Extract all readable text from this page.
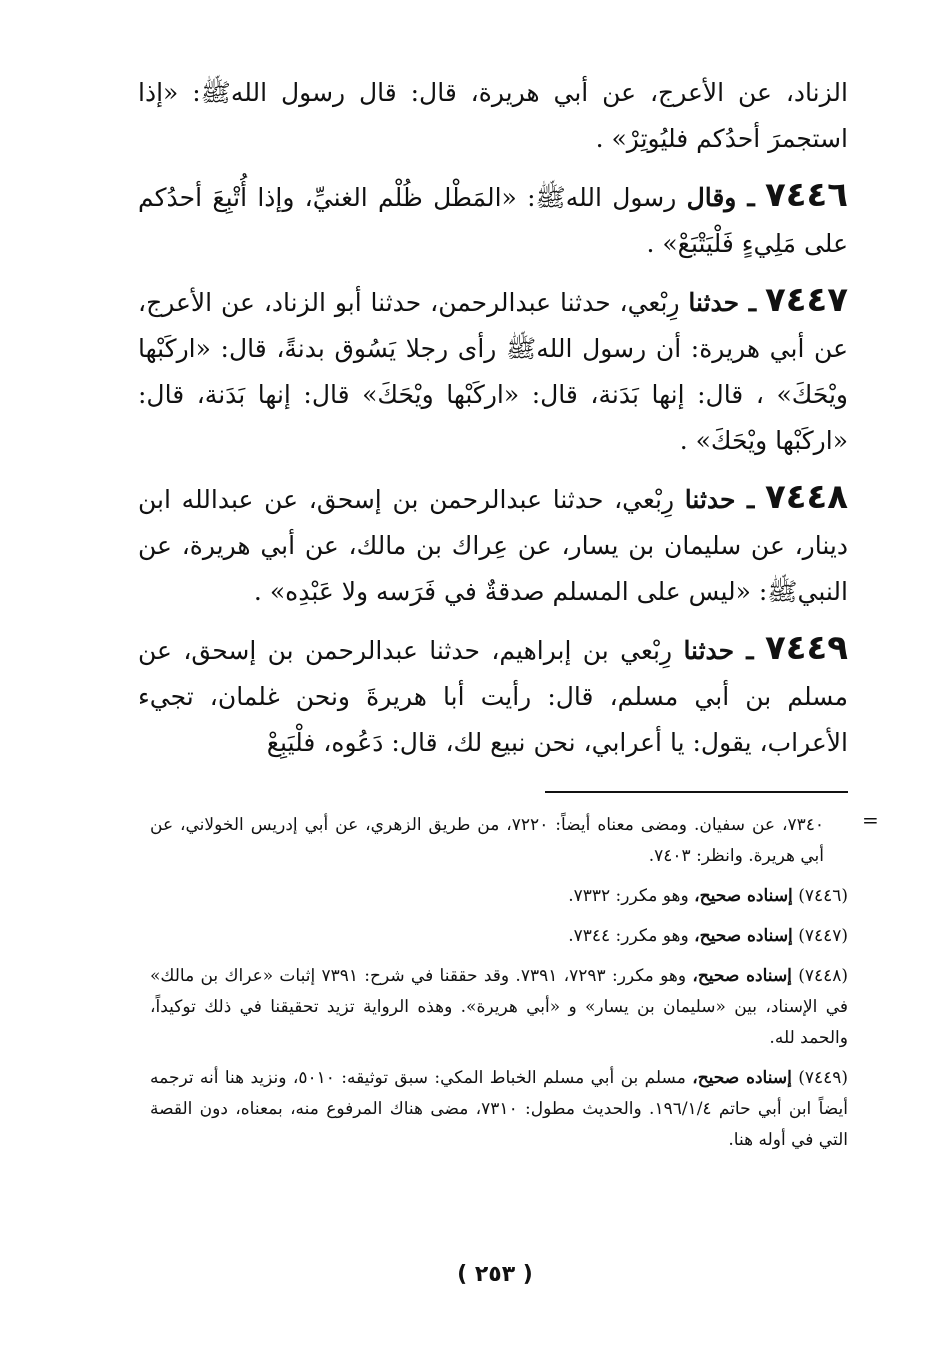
الزناد، عن الأعرج، عن أبي هريرة، قال: قال رسول اللهﷺ: «إذا استجمرَ أحدُكم فليُوتِرْ» .

٧٤٤٦ ـ وقال رسول اللهﷺ: «المَطْل ظُلْم الغنيِّ، وإذا أُتْبِعَ أحدُكم على مَلِيءٍ فَلْيَتْبَعْ» .

٧٤٤٧ ـ حدثنا رِبْعي، حدثنا عبدالرحمن، حدثنا أبو الزناد، عن الأعرج، عن أبي هريرة: أن رسول اللهﷺ رأى رجلا يَسُوق بدنةً، قال: «اركَبْها ويْحَكَ» ، قال: إنها بَدَنة، قال: «اركَبْها ويْحَكَ» قال: إنها بَدَنة، قال: «اركَبْها ويْحَكَ» .

٧٤٤٨ ـ حدثنا رِبْعي، حدثنا عبدالرحمن بن إسحق، عن عبدالله ابن دينار، عن سليمان بن يسار، عن عِراك بن مالك، عن أبي هريرة، عن النبيﷺ: «ليس على المسلم صدقةٌ في فَرَسه ولا عَبْدِه» .

٧٤٤٩ ـ حدثنا رِبْعي بن إبراهيم، حدثنا عبدالرحمن بن إسحق، عن مسلم بن أبي مسلم، قال: رأيت أبا هريرةَ ونحن غلمان، تجيء الأعراب، يقول: يا أعرابي، نحن نبيع لك، قال: دَعُوه، فلْيَبِعْ

=

٧٣٤٠، عن سفيان. ومضى معناه أيضاً: ٧٢٢٠، من طريق الزهري، عن أبي إدريس الخولاني، عن أبي هريرة. وانظر: ٧٤٠٣.

(٧٤٤٦) إسناده صحيح، وهو مكرر: ٧٣٣٢.

(٧٤٤٧) إسناده صحيح، وهو مكرر: ٧٣٤٤.

(٧٤٤٨) إسناده صحيح، وهو مكرر: ٧٢٩٣، ٧٣٩١. وقد حققنا في شرح: ٧٣٩١ إثبات «عراك بن مالك» في الإسناد، بين «سليمان بن يسار» و «أبي هريرة». وهذه الرواية تزيد تحقيقنا في ذلك توكيداً، والحمد لله.

(٧٤٤٩) إسناده صحيح، مسلم بن أبي مسلم الخباط المكي: سبق توثيقه: ٥٠١٠، ونزيد هنا أنه ترجمه أيضاً ابن أبي حاتم ١٩٦/١/٤. والحديث مطول: ٧٣١٠، مضى هناك المرفوع منه، بمعناه، دون القصة التي في أوله هنا.

( ٢٥٣ )
